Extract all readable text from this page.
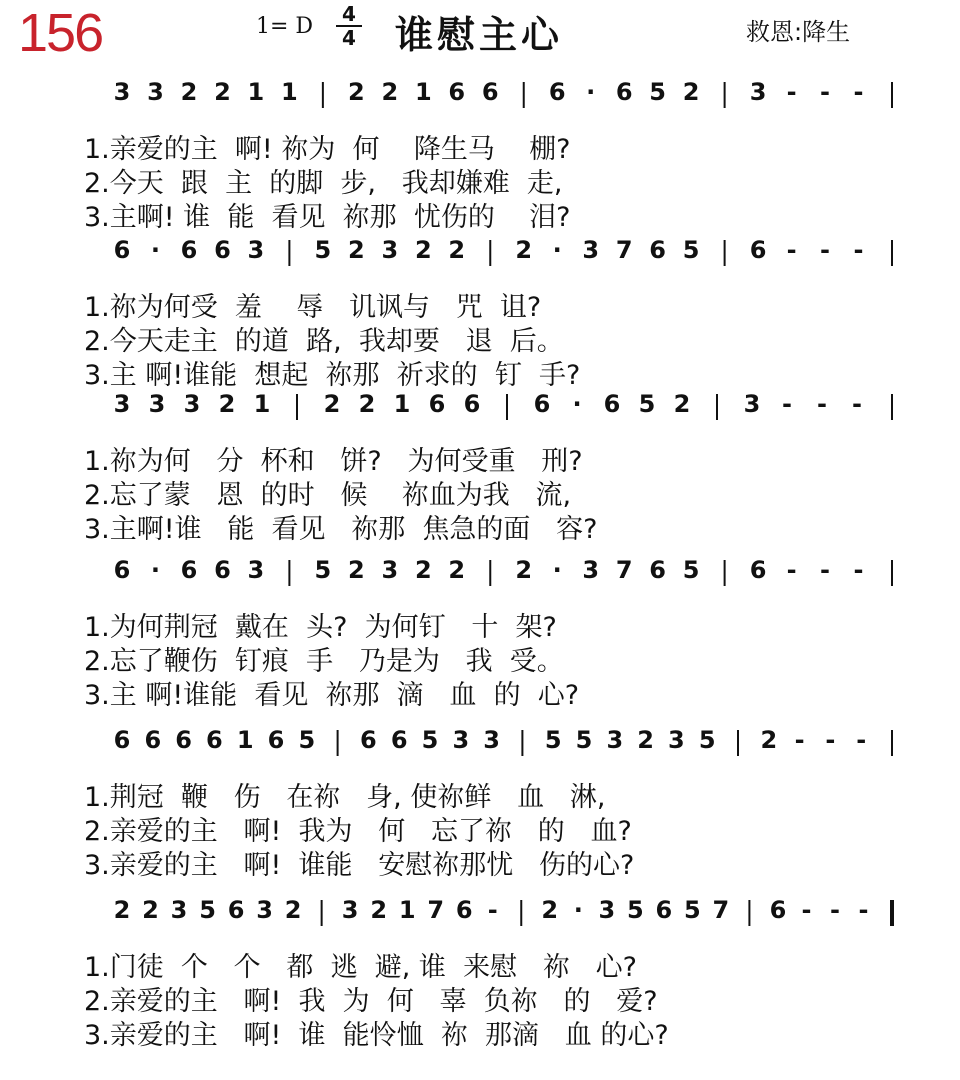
156	1= D	4
4 谁慰主心	救恩:降生
3 3 2 2 1 1 2 2 1 6 6 6 · 6 5 2 3 - - -
1.亲爱的主  啊! 祢为  何    降生马    棚?
2.今天  跟  主  的脚  步,   我却嫌难  走,
3.主啊! 谁  能  看见  祢那  忧伤的    泪?
6 · 6 6 3 5 2 3 2 2 2 · 3 7 6 5 6 - - -
1.祢为何受  羞    辱   讥讽与   咒  诅?
2.今天走主  的道  路,  我却要   退  后。
3.主 啊!谁能  想起  祢那  祈求的  钉  手?
3 3 3 2 1 2 2 1 6 6 6 · 6 5 2 3 - - -
1.祢为何   分  杯和   饼?   为何受重   刑?
2.忘了蒙   恩  的时   候    祢血为我   流,
3.主啊!谁   能  看见   祢那  焦急的面   容?
6 · 6 6 3 5 2 3 2 2 2 · 3 7 6 5 6 - - -
1.为何荆冠  戴在  头?  为何钉   十  架?
2.忘了鞭伤  钉痕  手   乃是为   我  受。
3.主 啊!谁能  看见  祢那  滴   血  的  心?
6 6 6 6 1 6 5 6 6 5 3 3 5 5 3 2 3 5 2 - - -
1.荆冠  鞭   伤   在祢   身, 使祢鲜   血   淋,
2.亲爱的主   啊!  我为   何   忘了祢   的   血?
3.亲爱的主   啊!  谁能   安慰祢那忧   伤的心?
2 2 3 5 6 3 2 3 2 1 7 6 - 2 · 3 5 6 5 7 6 - - -
1.门徒  个   个   都  逃  避, 谁  来慰   祢   心?
2.亲爱的主   啊!  我  为  何   辜  负祢   的   爱?
3.亲爱的主   啊!  谁  能怜恤  祢  那滴   血 的心?
